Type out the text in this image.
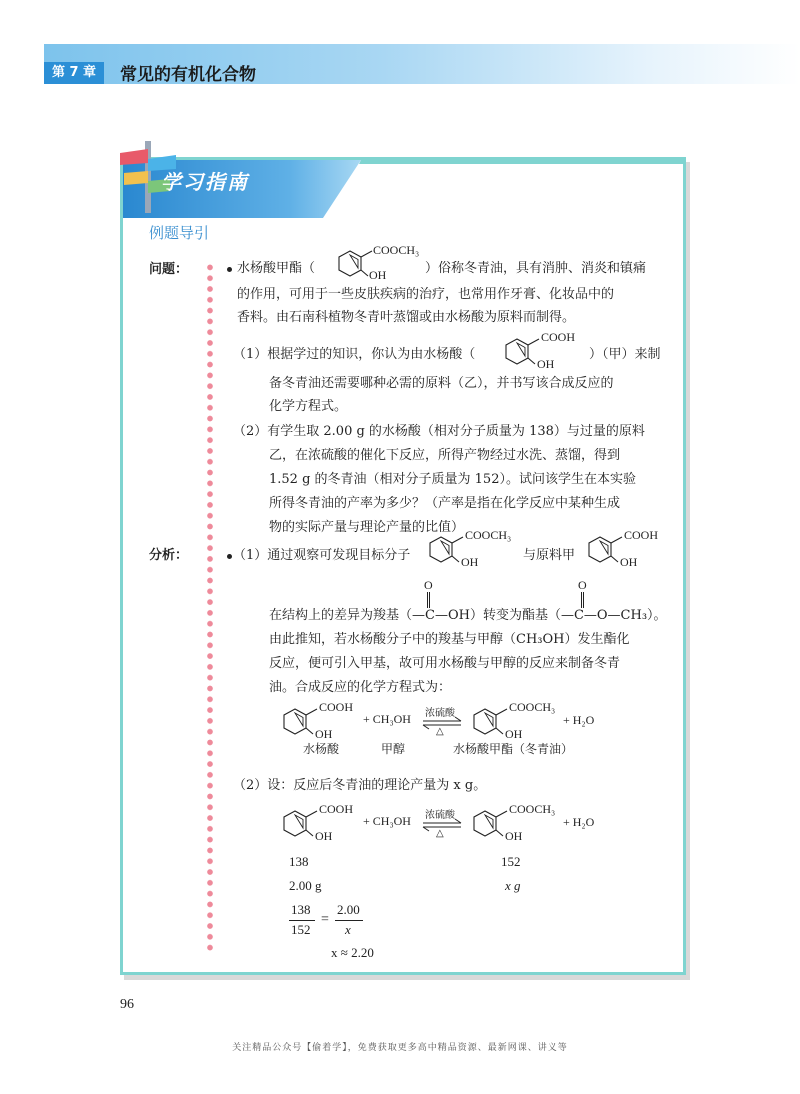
第 7 章	常见的有机化合物
学习指南
例题导引
问题：	水杨酸甲酯（
COOCH₃
OH	）俗称冬青油，具有消肿、消炎和镇痛
的作用，可用于一些皮肤疾病的治疗，也常用作牙膏、化妆品中的
香料。由石南科植物冬青叶蒸馏或由水杨酸为原料而制得。
（1）根据学过的知识，你认为由水杨酸（
COOH
OH
）（甲）来制
备冬青油还需要哪种必需的原料（乙），并书写该合成反应的
化学方程式。
（2）有学生取 2.00 g 的水杨酸（相对分子质量为 138）与过量的原料
乙，在浓硫酸的催化下反应，所得产物经过水洗、蒸馏，得到
1.52 g 的冬青油（相对分子质量为 152）。试问该学生在本实验
所得冬青油的产率为多少？（产率是指在化学反应中某种生成
物的实际产量与理论产量的比值）
分析：	（1）通过观察可发现目标分子
COOCH₃
OH	与原料甲
COOH
OH
O	O
在结构上的差异为羧基（—C—OH）转变为酯基（—C—O—CH₃）。
由此推知，若水杨酸分子中的羧基与甲醇（CH₃OH）发生酯化
反应，便可引入甲基，故可用水杨酸与甲醇的反应来制备冬青
油。合成反应的化学方程式为：
COOH
OH
+ CH₃OH 浓硫酸
△
COOCH₃
OH
+ H₂O
水杨酸	甲醇	水杨酸甲酯（冬青油）
（2）设：反应后冬青油的理论产量为 x g。
COOH
OH
+ CH₃OH 浓硫酸
△
COOCH₃
OH
+ H₂O
138	152
2.00 g	x g
138
152
=
2.00
x
x ≈ 2.20
96
关注精品公众号【偷着学】，免费获取更多高中精品资源、最新网课、讲义等
